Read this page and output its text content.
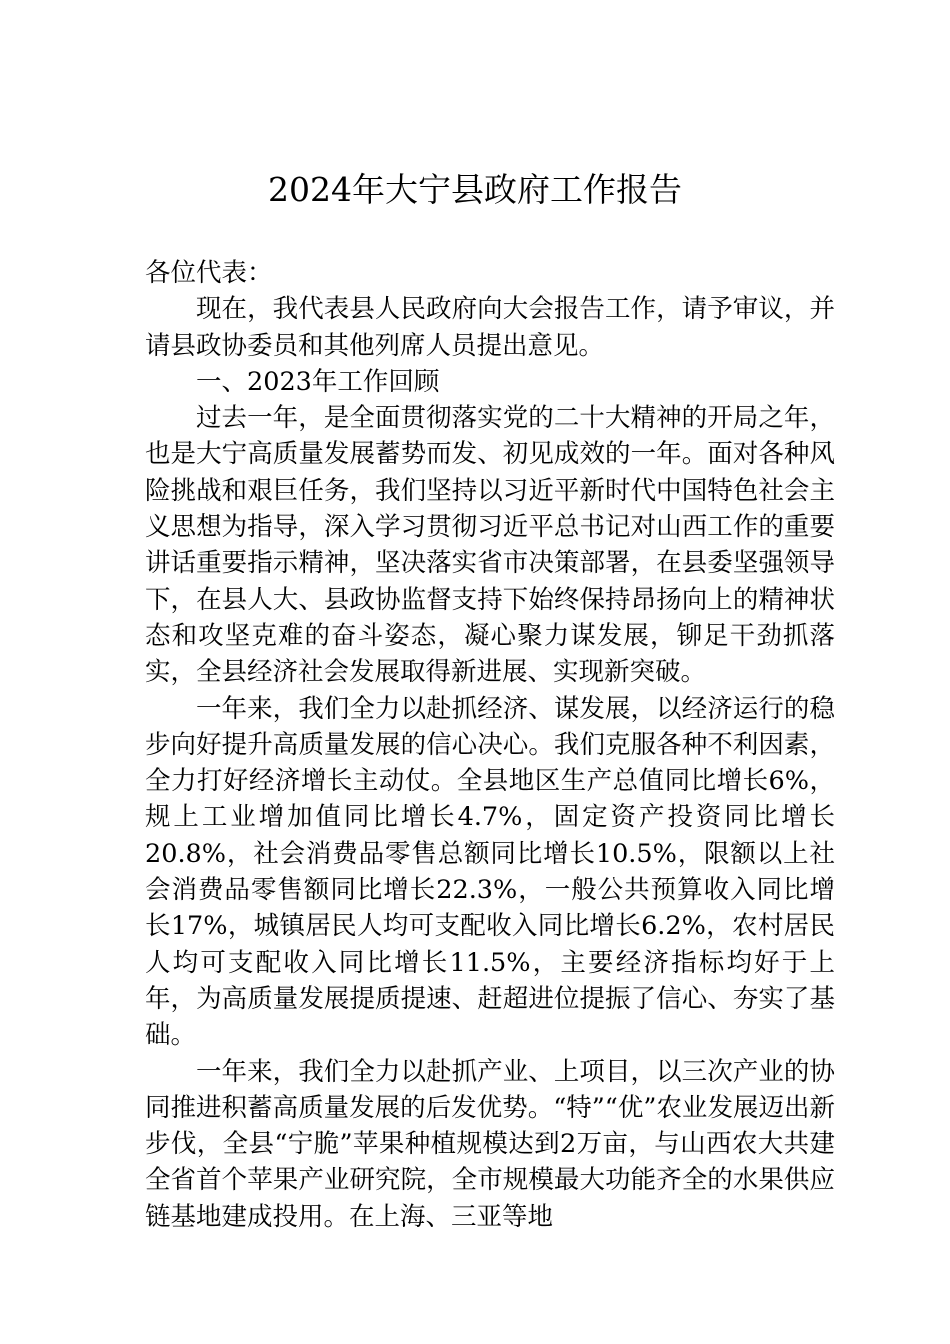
2024年大宁县政府工作报告

各位代表：

现在，我代表县人民政府向大会报告工作，请予审议，并请县政协委员和其他列席人员提出意见。

一、2023年工作回顾

过去一年，是全面贯彻落实党的二十大精神的开局之年，也是大宁高质量发展蓄势而发、初见成效的一年。面对各种风险挑战和艰巨任务，我们坚持以习近平新时代中国特色社会主义思想为指导，深入学习贯彻习近平总书记对山西工作的重要讲话重要指示精神，坚决落实省市决策部署，在县委坚强领导下，在县人大、县政协监督支持下始终保持昂扬向上的精神状态和攻坚克难的奋斗姿态，凝心聚力谋发展，铆足干劲抓落实，全县经济社会发展取得新进展、实现新突破。

一年来，我们全力以赴抓经济、谋发展，以经济运行的稳步向好提升高质量发展的信心决心。我们克服各种不利因素，全力打好经济增长主动仗。全县地区生产总值同比增长6%，规上工业增加值同比增长4.7%，固定资产投资同比增长20.8%，社会消费品零售总额同比增长10.5%，限额以上社会消费品零售额同比增长22.3%，一般公共预算收入同比增长17%，城镇居民人均可支配收入同比增长6.2%，农村居民人均可支配收入同比增长11.5%，主要经济指标均好于上年，为高质量发展提质提速、赶超进位提振了信心、夯实了基础。

一年来，我们全力以赴抓产业、上项目，以三次产业的协同推进积蓄高质量发展的后发优势。“特”“优”农业发展迈出新步伐，全县“宁脆”苹果种植规模达到2万亩，与山西农大共建全省首个苹果产业研究院，全市规模最大功能齐全的水果供应链基地建成投用。在上海、三亚等地
